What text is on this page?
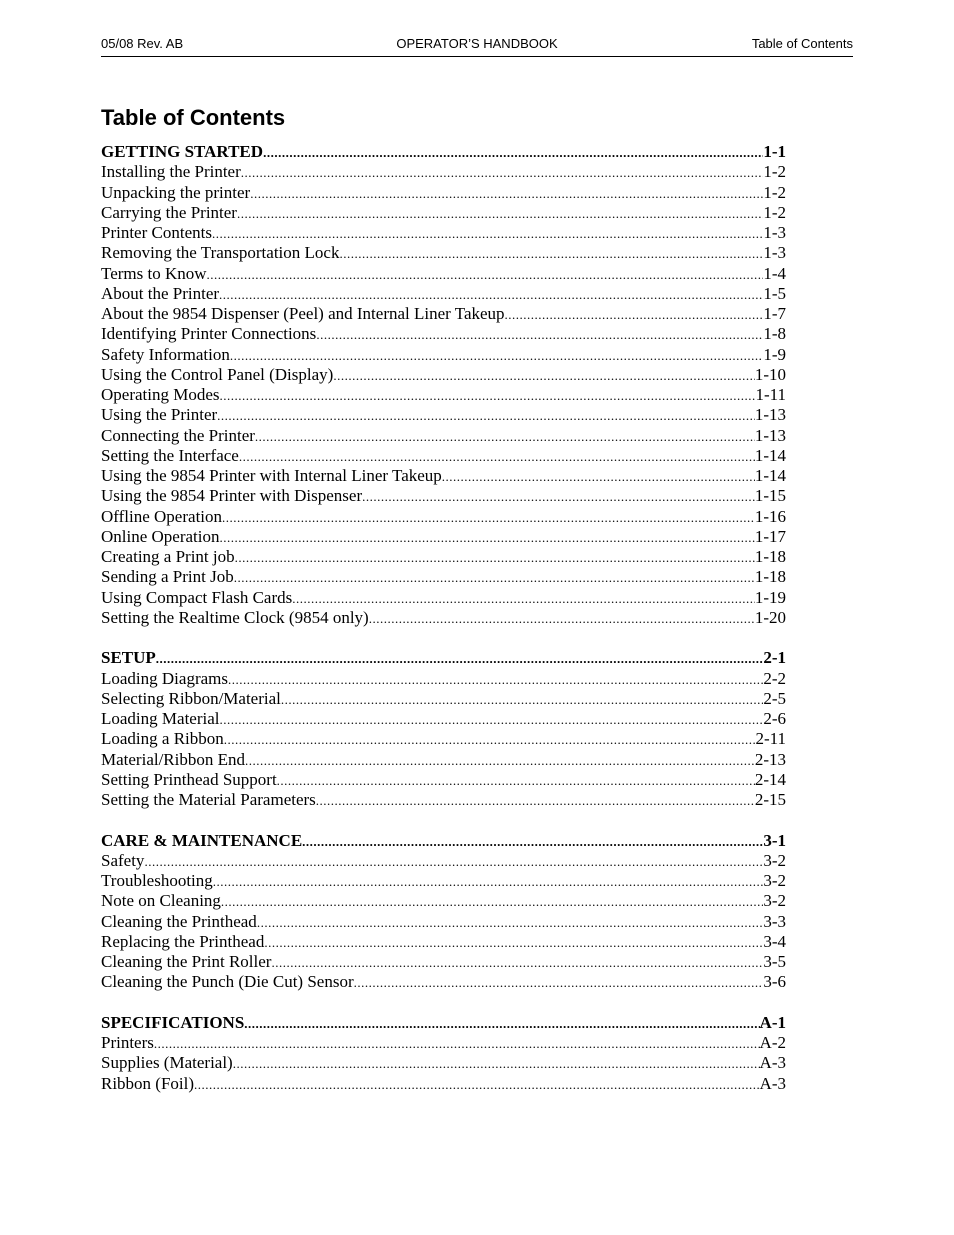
05/08 Rev. AB	OPERATOR’S HANDBOOK	Table of Contents
Table of Contents
GETTING STARTED .....	1-1
Installing the Printer .....	1-2
Unpacking the printer .....	1-2
Carrying the Printer .....	1-2
Printer Contents .....	1-3
Removing the Transportation Lock .....	1-3
Terms to Know .....	1-4
About the Printer .....	1-5
About the 9854 Dispenser (Peel) and Internal Liner Takeup .....	1-7
Identifying Printer Connections .....	1-8
Safety Information .....	1-9
Using the Control Panel (Display) .....	1-10
Operating Modes .....	1-11
Using the Printer .....	1-13
Connecting the Printer .....	1-13
Setting the Interface .....	1-14
Using the 9854 Printer with Internal Liner Takeup .....	1-14
Using the 9854 Printer with Dispenser .....	1-15
Offline Operation .....	1-16
Online Operation .....	1-17
Creating a Print job .....	1-18
Sending a Print Job .....	1-18
Using Compact Flash Cards .....	1-19
Setting the Realtime Clock (9854 only) .....	1-20
SETUP .....	2-1
Loading Diagrams .....	2-2
Selecting Ribbon/Material .....	2-5
Loading Material .....	2-6
Loading a Ribbon .....	2-11
Material/Ribbon End .....	2-13
Setting Printhead Support .....	2-14
Setting the Material Parameters .....	2-15
CARE & MAINTENANCE .....	3-1
Safety .....	3-2
Troubleshooting .....	3-2
Note on Cleaning .....	3-2
Cleaning the Printhead .....	3-3
Replacing the Printhead .....	3-4
Cleaning the Print Roller .....	3-5
Cleaning the Punch (Die Cut) Sensor .....	3-6
SPECIFICATIONS .....	A-1
Printers .....	A-2
Supplies (Material) .....	A-3
Ribbon (Foil) .....	A-3
